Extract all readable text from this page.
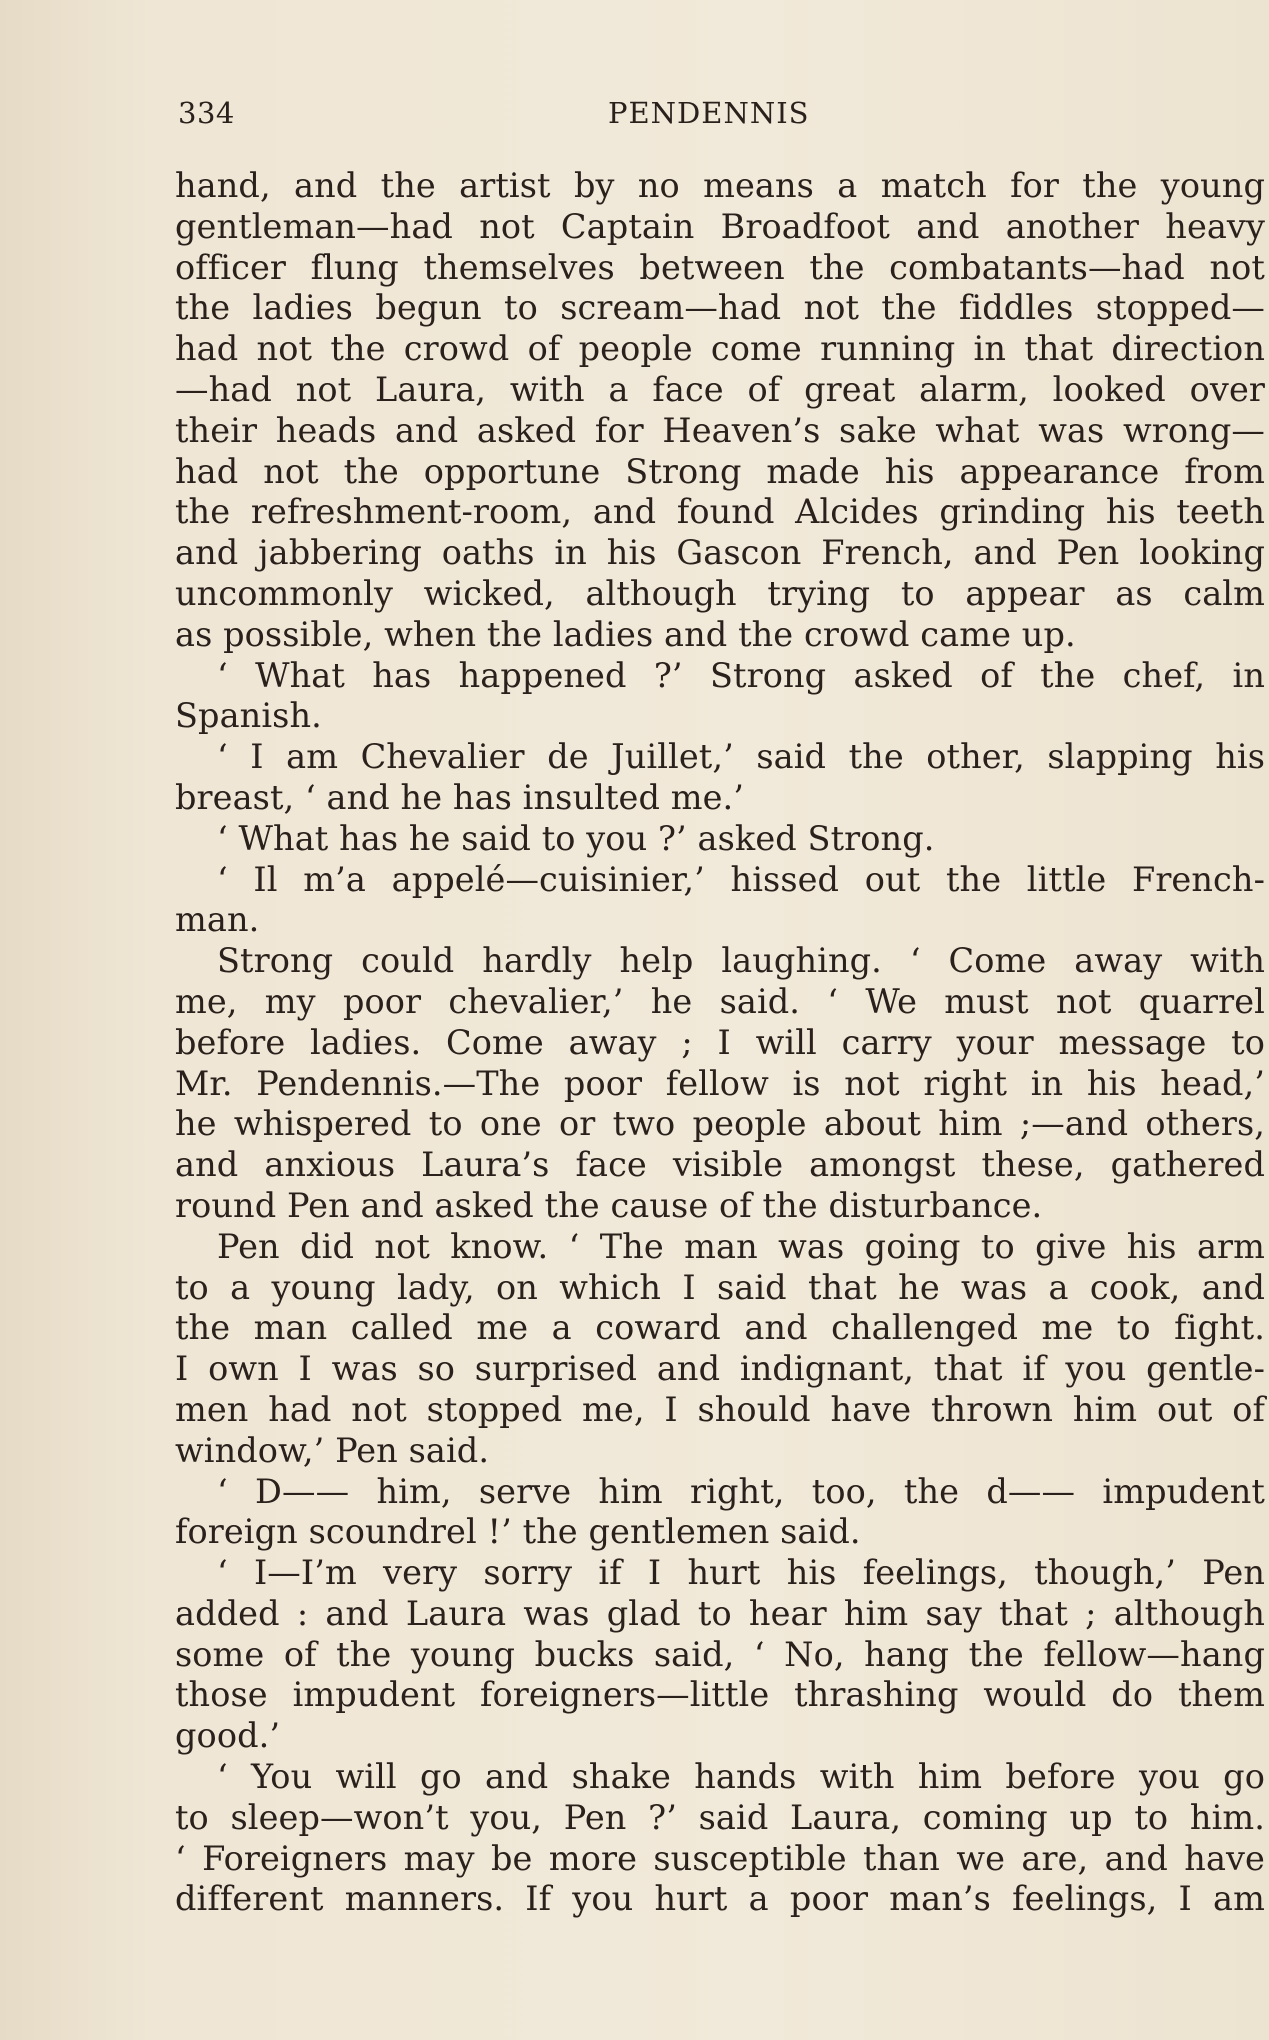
334	PENDENNIS
hand, and the artist by no means a match for the young
gentleman—had not Captain Broadfoot and another heavy
officer flung themselves between the combatants—had not
the ladies begun to scream—had not the fiddles stopped—
had not the crowd of people come running in that direction
—had not Laura, with a face of great alarm, looked over
their heads and asked for Heaven’s sake what was wrong—
had not the opportune Strong made his appearance from
the refreshment-room, and found Alcides grinding his teeth
and jabbering oaths in his Gascon French, and Pen looking
uncommonly wicked, although trying to appear as calm
as possible, when the ladies and the crowd came up.
‘ What has happened ?’ Strong asked of the chef, in
Spanish.
‘ I am Chevalier de Juillet,’ said the other, slapping his
breast, ‘ and he has insulted me.’
‘ What has he said to you ?’ asked Strong.
‘ Il m’a appelé—cuisinier,’ hissed out the little French-
man.
Strong could hardly help laughing. ‘ Come away with
me, my poor chevalier,’ he said. ‘ We must not quarrel
before ladies. Come away ; I will carry your message to
Mr. Pendennis.—The poor fellow is not right in his head,’
he whispered to one or two people about him ;—and others,
and anxious Laura’s face visible amongst these, gathered
round Pen and asked the cause of the disturbance.
Pen did not know. ‘ The man was going to give his arm
to a young lady, on which I said that he was a cook, and
the man called me a coward and challenged me to fight.
I own I was so surprised and indignant, that if you gentle-
men had not stopped me, I should have thrown him out of
window,’ Pen said.
‘ D—— him, serve him right, too, the d—— impudent
foreign scoundrel !’ the gentlemen said.
‘ I—I’m very sorry if I hurt his feelings, though,’ Pen
added : and Laura was glad to hear him say that ; although
some of the young bucks said, ‘ No, hang the fellow—hang
those impudent foreigners—little thrashing would do them
good.’
‘ You will go and shake hands with him before you go
to sleep—won’t you, Pen ?’ said Laura, coming up to him.
‘ Foreigners may be more susceptible than we are, and have
different manners. If you hurt a poor man’s feelings, I am
